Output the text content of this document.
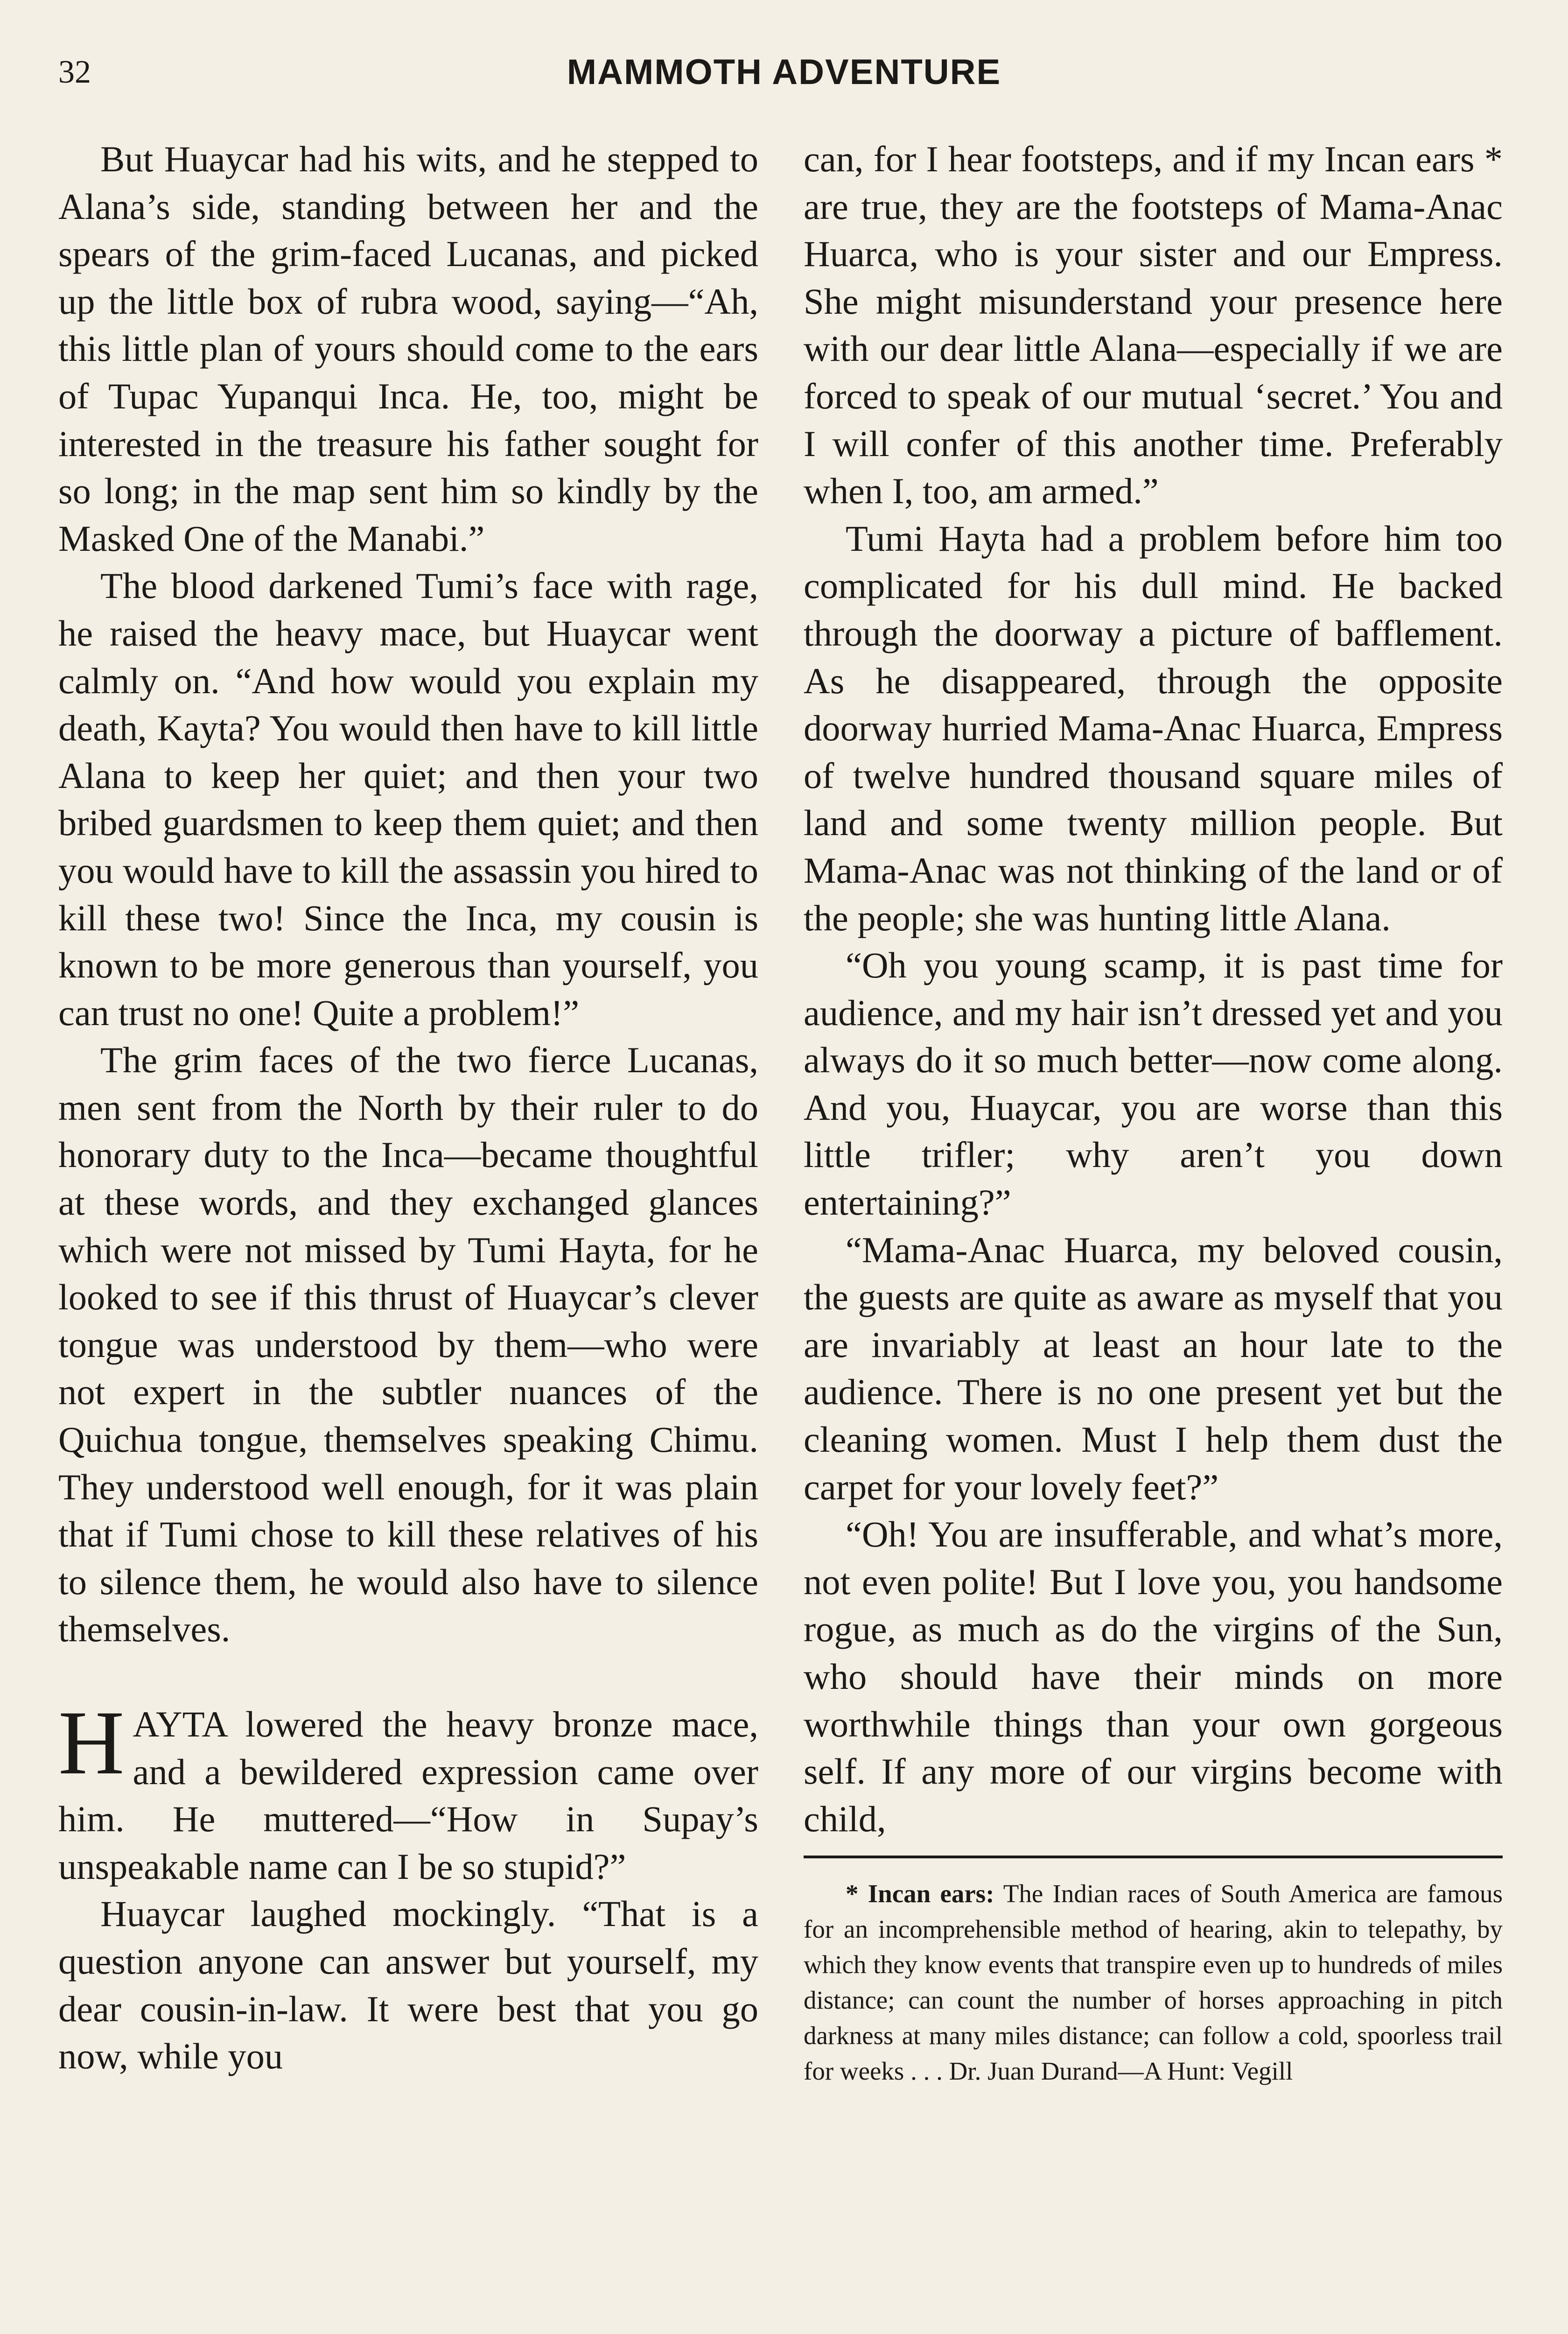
32	MAMMOTH ADVENTURE

But Huaycar had his wits, and he stepped to Alana’s side, standing between her and the spears of the grim-faced Lucanas, and picked up the little box of rubra wood, saying—“Ah, this little plan of yours should come to the ears of Tupac Yupanqui Inca. He, too, might be interested in the treasure his father sought for so long; in the map sent him so kindly by the Masked One of the Manabi.”

The blood darkened Tumi’s face with rage, he raised the heavy mace, but Huaycar went calmly on. “And how would you explain my death, Kayta? You would then have to kill little Alana to keep her quiet; and then your two bribed guardsmen to keep them quiet; and then you would have to kill the assassin you hired to kill these two! Since the Inca, my cousin is known to be more generous than yourself, you can trust no one! Quite a problem!”

The grim faces of the two fierce Lucanas, men sent from the North by their ruler to do honorary duty to the Inca—became thoughtful at these words, and they exchanged glances which were not missed by Tumi Hayta, for he looked to see if this thrust of Huaycar’s clever tongue was understood by them—who were not expert in the subtler nuances of the Quichua tongue, themselves speaking Chimu. They understood well enough, for it was plain that if Tumi chose to kill these relatives of his to silence them, he would also have to silence themselves.

HAYTA lowered the heavy bronze mace, and a bewildered expression came over him. He muttered—“How in Supay’s unspeakable name can I be so stupid?”

Huaycar laughed mockingly. “That is a question anyone can answer but yourself, my dear cousin-in-law. It were best that you go now, while you

can, for I hear footsteps, and if my Incan ears * are true, they are the footsteps of Mama-Anac Huarca, who is your sister and our Empress. She might misunderstand your presence here with our dear little Alana—especially if we are forced to speak of our mutual ‘secret.’ You and I will confer of this another time. Preferably when I, too, am armed.”

Tumi Hayta had a problem before him too complicated for his dull mind. He backed through the doorway a picture of bafflement. As he disappeared, through the opposite doorway hurried Mama-Anac Huarca, Empress of twelve hundred thousand square miles of land and some twenty million people. But Mama-Anac was not thinking of the land or of the people; she was hunting little Alana.

“Oh you young scamp, it is past time for audience, and my hair isn’t dressed yet and you always do it so much better—now come along. And you, Huaycar, you are worse than this little trifler; why aren’t you down entertaining?”

“Mama-Anac Huarca, my beloved cousin, the guests are quite as aware as myself that you are invariably at least an hour late to the audience. There is no one present yet but the cleaning women. Must I help them dust the carpet for your lovely feet?”

“Oh! You are insufferable, and what’s more, not even polite! But I love you, you handsome rogue, as much as do the virgins of the Sun, who should have their minds on more worthwhile things than your own gorgeous self. If any more of our virgins become with child,

* Incan ears: The Indian races of South America are famous for an incomprehensible method of hearing, akin to telepathy, by which they know events that transpire even up to hundreds of miles distance; can count the number of horses approaching in pitch darkness at many miles distance; can follow a cold, spoorless trail for weeks . . . Dr. Juan Durand—A Hunt: Vegill
